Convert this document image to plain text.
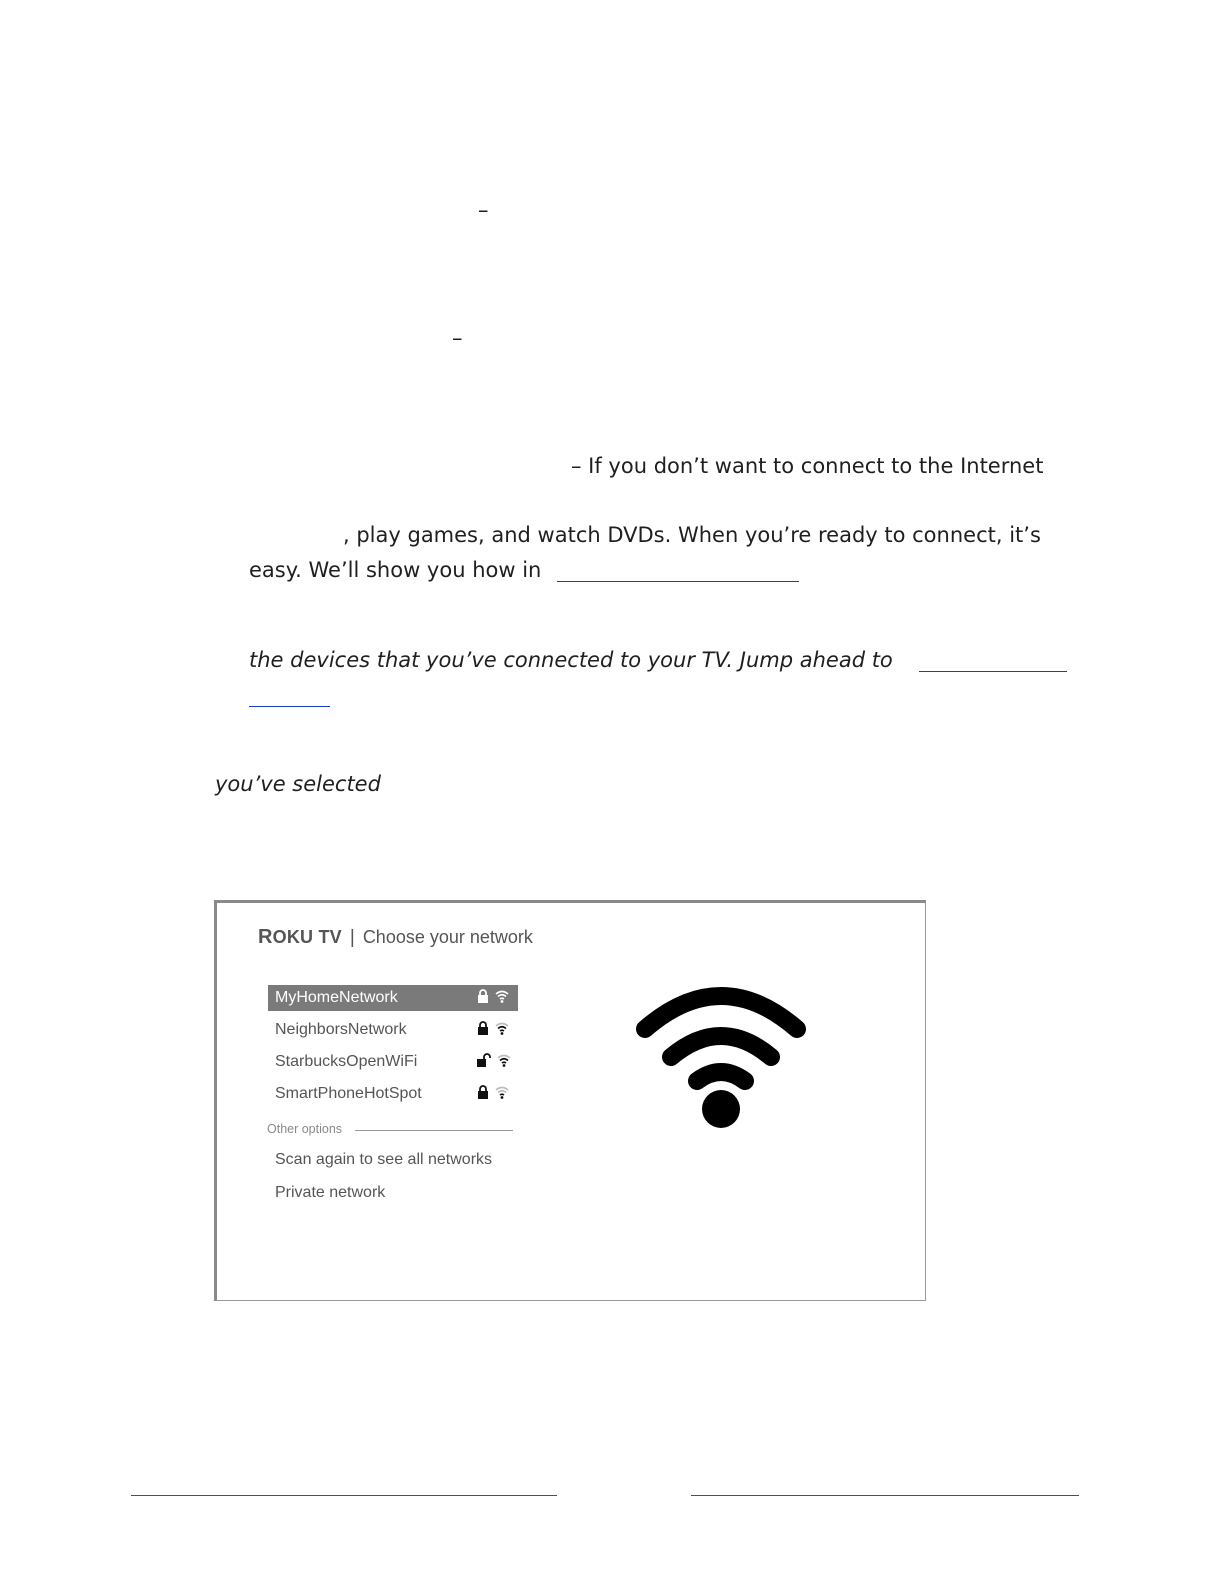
–
–
– If you don’t want to connect to the Internet
, play games, and watch DVDs. When you’re ready to connect, it’s
easy. We’ll show you how in
the devices that you’ve connected to your TV. Jump ahead to
you’ve selected
ROKU TV | Choose your network
MyHomeNetwork
NeighborsNetwork
StarbucksOpenWiFi
SmartPhoneHotSpot
Other options
Scan again to see all networks
Private network
